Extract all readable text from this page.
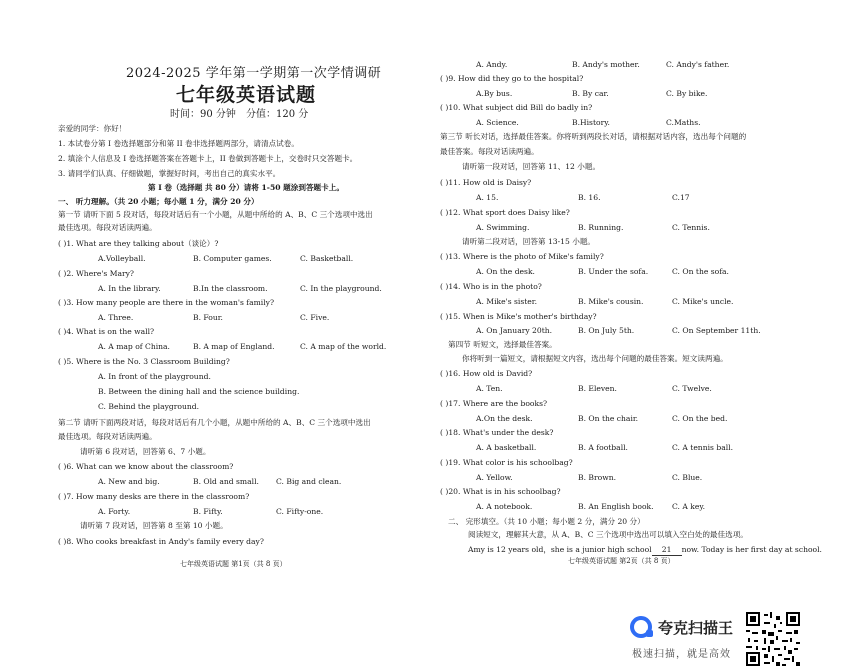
2024-2025 学年第一学期第一次学情调研
七年级英语试题
时间：90 分钟 分值：120 分
亲爱的同学：你好！
1. 本试卷分第 I 卷选择题部分和第 II 卷非选择题两部分，请清点试卷。
2. 填涂个人信息及 I 卷选择题答案在答题卡上，II 卷做到答题卡上，交卷时只交答题卡。
3. 请同学们认真、仔细做题，掌握好时间，考出自己的真实水平。
第 I 卷（选择题 共 80 分）请将 1-50 题涂到答题卡上。
一、 听力理解。（共 20 小题；每小题 1 分，满分 20 分）
第一节 请听下面 5 段对话，每段对话后有一个小题，从题中所给的 A、B、C 三个选项中选出
最佳选项。每段对话读两遍。
( )1. What are they talking about（谈论）?
A.Volleyball.	B. Computer games.	C. Basketball.
( )2. Where's Mary?
A. In the library.	B.In the classroom.	C. In the playground.
( )3. How many people are there in the woman's family?
A. Three.	B. Four.	C. Five.
( )4. What is on the wall?
A. A map of China.	B. A map of England.	C. A map of the world.
( )5. Where is the No. 3 Classroom Building?
A. In front of the playground.
B. Between the dining hall and the science building.
C. Behind the playground.
第二节 请听下面两段对话，每段对话后有几个小题，从题中所给的 A、B、C 三个选项中选出
最佳选项。每段对话读两遍。
请听第 6 段对话，回答第 6、7 小题。
( )6. What can we know about the classroom?
A. New and big.	B. Old and small. C. Big and clean.
( )7. How many desks are there in the classroom?
A. Forty.	B. Fifty.	C. Fifty-one.
请听第 7 段对话，回答第 8 至第 10 小题。
( )8. Who cooks breakfast in Andy's family every day?
七年级英语试题 第1页（共 8 页）
A. Andy.	B. Andy's mother.	C. Andy's father.
( )9. How did they go to the hospital?
A.By bus.	B. By car.	C. By bike.
( )10. What subject did Bill do badly in?
A. Science.	B.History.	C.Maths.
第三节 听长对话，选择最佳答案。你将听到两段长对话，请根据对话内容，选出每个问题的
最佳答案。每段对话读两遍。
请听第一段对话，回答第 11、12 小题。
( )11. How old is Daisy?
A. 15.	B. 16.	C.17
( )12. What sport does Daisy like?
A. Swimming.	B. Running.	C. Tennis.
请听第二段对话，回答第 13-15 小题。
( )13. Where is the photo of Mike's family?
A. On the desk.	B. Under the sofa.	C. On the sofa.
( )14. Who is in the photo?
A. Mike's sister.	B. Mike's cousin.	C. Mike's uncle.
( )15. When is Mike's mother's birthday?
A. On January 20th.	B. On July 5th.	C. On September 11th.
第四节 听短文，选择最佳答案。
你将听到一篇短文，请根据短文内容，选出每个问题的最佳答案。短文读两遍。
( )16. How old is David?
A. Ten.	B. Eleven.	C. Twelve.
( )17. Where are the books?
A.On the desk.	B. On the chair.	C. On the bed.
( )18. What's under the desk?
A. A basketball.	B. A football.	C. A tennis ball.
( )19. What color is his schoolbag?
A. Yellow.	B. Brown.	C. Blue.
( )20. What is in his schoolbag?
A. A notebook.	B. An English book. C. A key.
二、 完形填空。（共 10 小题；每小题 2 分，满分 20 分）
阅读短文，理解其大意，从 A、B、C 三个选项中选出可以填入空白处的最佳选项。
Amy is 12 years old，she is a junior high school 21 now. Today is her first day at school.
七年级英语试题 第2页（共 8 页）
夸克扫描王
极速扫描，就是高效
